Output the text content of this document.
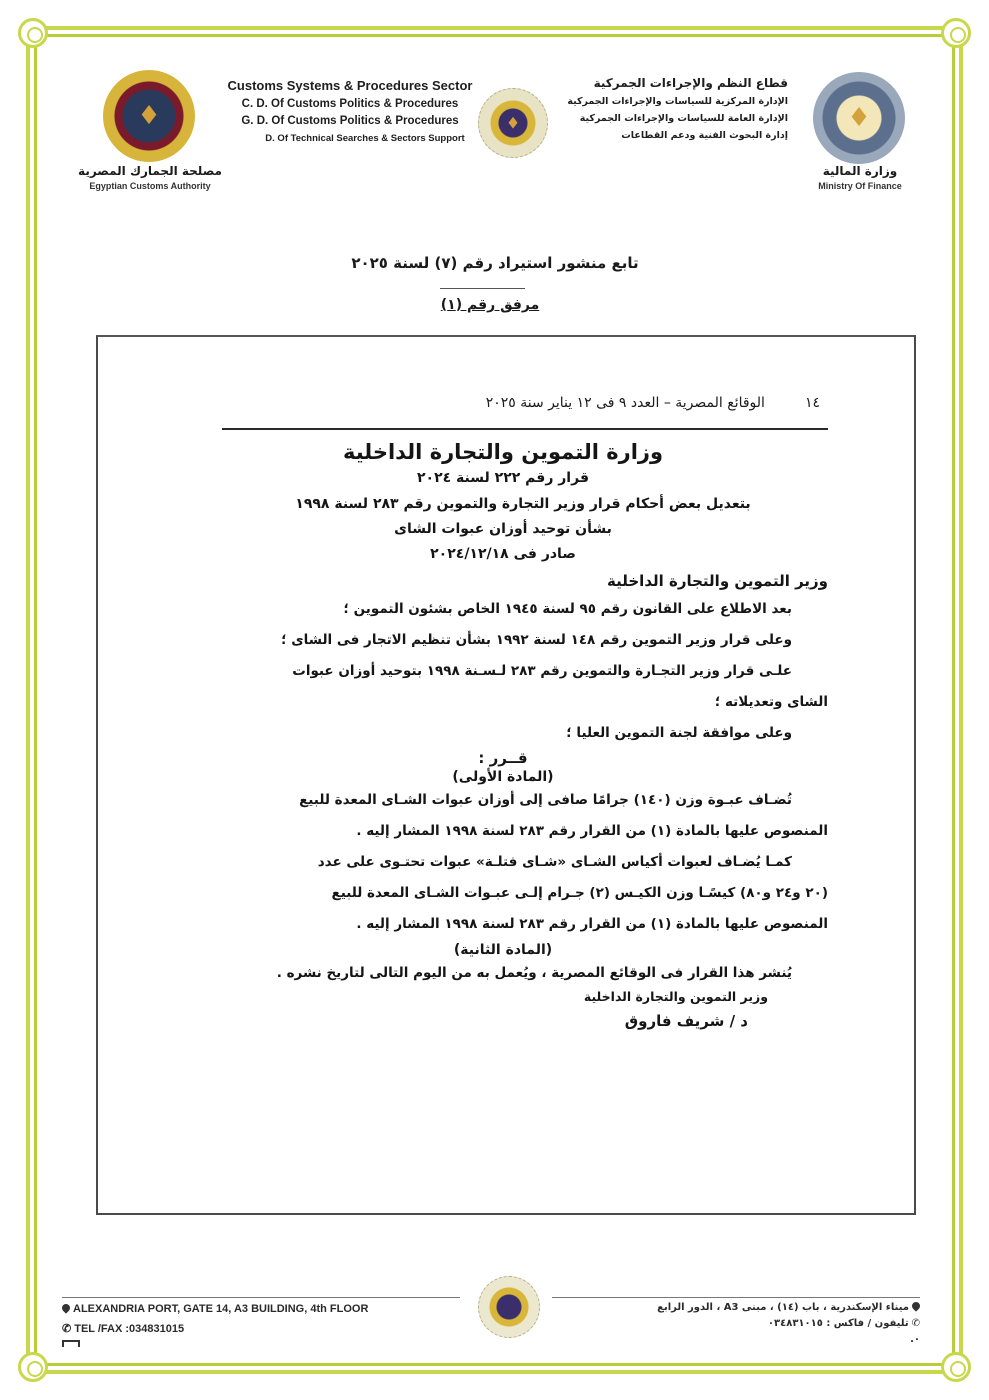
♦
مصلحة الجمارك المصرية
Egyptian Customs Authority
Customs Systems & Procedures Sector
C. D. Of Customs Politics & Procedures
G. D. Of Customs Politics & Procedures
D. Of Technical Searches & Sectors Support
♦
قطاع النظم والإجراءات الجمركية
الإدارة المركزية للسياسات والإجراءات الجمركية
الإدارة العامة للسياسات والإجراءات الجمركية
إدارة البحوث الفنية ودعم القطاعات
♦
وزارة المالية
Ministry Of Finance
تابع منشور استيراد رقم (٧) لسنة ٢٠٢٥
مرفق رقم (١)
١٤
الوقائع المصرية – العدد ٩ فى ١٢ يناير سنة ٢٠٢٥
وزارة التموين والتجارة الداخلية
قرار رقم ٢٢٢ لسنة ٢٠٢٤
بتعديل بعض أحكام قرار وزير التجارة والتموين رقم ٢٨٣ لسنة ١٩٩٨
بشأن توحيد أوزان عبوات الشاى
صادر فى ٢٠٢٤/١٢/١٨
وزير التموين والتجارة الداخلية
بعد الاطلاع على القانون رقم ٩٥ لسنة ١٩٤٥ الخاص بشئون التموين ؛
وعلى قرار وزير التموين رقم ١٤٨ لسنة ١٩٩٢ بشأن تنظيم الاتجار فى الشاى ؛
علـى قرار وزير التجـارة والتموين رقم ٢٨٣ لـسـنة ١٩٩٨ بتوحيد أوزان عبوات
الشاى وتعديلاته ؛
وعلى موافقة لجنة التموين العليا ؛
قــرر :
(المادة الأولى)
تُضـاف عبـوة وزن (١٤٠) جرامًا صافى إلى أوزان عبوات الشـاى المعدة للبيع
المنصوص عليها بالمادة (١) من القرار رقم ٢٨٣ لسنة ١٩٩٨ المشار إليه .
كمـا يُضـاف لعبوات أكياس الشـاى «شـاى فتلـة» عبوات تحتـوى على عدد
(٢٠ و٢٤ و٨٠) كيسًـا وزن الكيـس (٢) جـرام إلـى عبـوات الشـاى المعدة للبيع
المنصوص عليها بالمادة (١) من القرار رقم ٢٨٣ لسنة ١٩٩٨ المشار إليه .
(المادة الثانية)
يُنشر هذا القرار فى الوقائع المصرية ، ويُعمل به من اليوم التالى لتاريخ نشره .
وزير التموين والتجارة الداخلية
د / شريف فاروق
ALEXANDRIA PORT, GATE 14, A3 BUILDING, 4th FLOOR
✆ TEL /FAX :034831015
ميناء الإسكندرية ، باب (١٤) ، مبنى A3 ، الدور الرابع
✆
تليفون / فاكس : ٠٣٤٨٣١٠١٥
٠.
